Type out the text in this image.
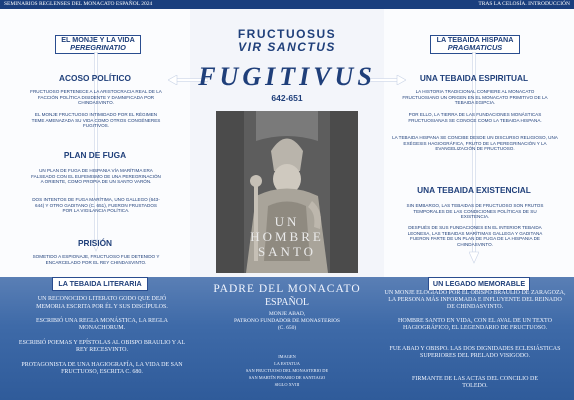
SEMINARIOS REGLENSES DEL MONACATO ESPAÑOL 2024	TRAS LA CELOSÍA. INTRODUCCIÓN
EL MONJE Y LA VIDA
PEREGRINATIO
ACOSO POLÍTICO
FRUCTUOSO PERTENECE A LA ARISTOCRACIA REAL DE LA FACCIÓN POLÍTICA DISIDENTE Y DAMNIFICADA POR CHINDASVINTO.
EL MONJE FRUCTUOSO INTIMIDADO POR EL RÉGIMEN TEME AMENAZADA SU VIDA COMO OTROS CONGÉNERES FUGITIVOS.
PLAN DE FUGA
UN PLAN DE FUGA DE HISPANIA VÍA MARÍTIMA ERA FALSEADO CON EL EUFEMISMO DE UNA PEREGRINACIÓN A ORIENTE, COMO PROPIA DE UN SANTO VARÓN.
DOS INTENTOS DE FUGA MARÍTIMA, UNO GALLEGO (643-644) Y OTRO GADITANO (C. 651), FUERON FRUSTADOS POR LA VIGILANCIA POLÍTICA.
PRISIÓN
SOMETIDO A ESPIONAJE, FRUCTUOSO FUE DETENIDO Y ENCARCELADO POR EL REY CHINDASVINTO.
FRUCTUOSUS
VIR SANCTUS
FUGITIVUS
642-651
UN
HOMBRE
SANTO
LA TEBAIDA HISPANA
PRAGMATICUS
UNA TEBAIDA ESPIRITUAL
LA HISTORIA TRADICIONAL CONFIERE AL MONACATO FRUCTUOSIANO UN ORIGEN EN EL MONACATO PRIMITIVO DE LA TEBAIDA EGIPCIA.
POR ELLO, LA TIERRA DE LAS FUNDACIONES MONÁSTICAS FRUCTUOSIANAS SE CONOCE COMO LA TEBAIDA HISPANA.
LA TEBAIDA HISPANA SE CONCIBE DESDE UN DISCURSO RELIGIOSO, UNA EXÉGESIS HAGIOGRÁFICA, FRUTO DE LA PEREGRINACIÓN Y LA EVANGELIZACIÓN DE FRUCTUOSO.
UNA TEBAIDA EXISTENCIAL
SIN EMBARGO, LAS TEBAIDAS DE FRUCTUOSO SON FRUTOS TEMPORALES DE LAS CONDICIONES POLÍTICAS DE SU EXISTENCIA.
DESPUÉS DE SUS FUNDACIONES EN EL INTERIOR TEBAIDA LEONESA, LAS TEBAIDAS MARÍTIMAS GALLEGA Y GADITANA FUERON PARTE DE UN PLAN DE FUGA DE LA HISPANIA DE CHINDASVINTO.
LA TEBAIDA LITERARIA	UN LEGADO MEMORABLE
PADRE DEL MONACATO
ESPAÑOL
MONJE ABAD,
PATRONO FUNDADOR DE MONASTERIOS
(C. 650)
IMAGEN
LA ESTATUA
SAN FRUCTUOSO DEL MONASTERIO DE
SAN MARTÍN PINARIO DE SANTIAGO
SIGLO XVIII
UN RECONOCIDO LITERATO GODO QUE DEJÓ
MEMORIA ESCRITA POR ÉL Y SUS DISCÍPULOS.
ESCRIBIÓ UNA REGLA MONÁSTICA, LA REGLA MONACHORUM.
ESCRIBIÓ POEMAS Y EPÍSTOLAS AL OBISPO BRAULIO Y AL REY RECESVINTO.
PROTAGONISTA DE UNA HAGIOGRAFÍA, LA VIDA DE SAN FRUCTUOSO, ESCRITA C. 680.
UN MONJE ELOGIADO POR EL OBISPO BRAULIO DE ZARAGOZA, LA PERSONA MÁS INFORMADA E INFLUYENTE DEL REINADO DE CHINDASVINTO.
HOMBRE SANTO EN VIDA, CON EL AVAL DE UN TEXTO HAGIOGRÁFICO, EL LEGENDARIO DE FRUCTUOSO.
FUE ABAD Y OBISPO. LAS DOS DIGNIDADES ECLESIÁSTICAS SUPERIORES DEL PRELADO VISIGODO.
FIRMANTE DE LAS ACTAS DEL CONCILIO DE TOLEDO.
